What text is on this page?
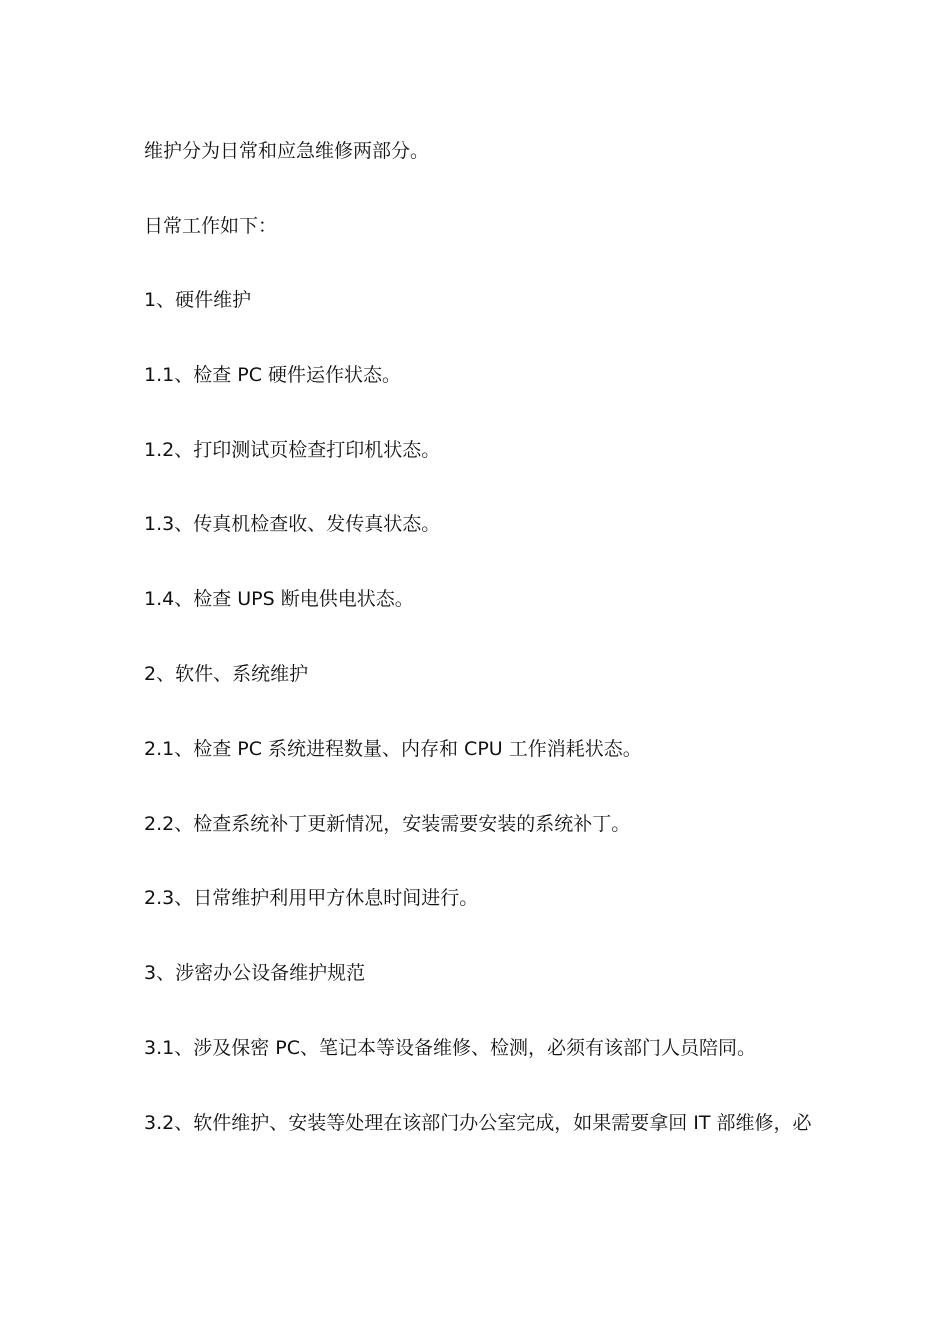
维护分为日常和应急维修两部分。

日常工作如下：

1、硬件维护

1.1、检查 PC 硬件运作状态。

1.2、打印测试页检查打印机状态。

1.3、传真机检查收、发传真状态。

1.4、检查 UPS 断电供电状态。

2、软件、系统维护

2.1、检查 PC 系统进程数量、内存和 CPU 工作消耗状态。

2.2、检查系统补丁更新情况，安装需要安装的系统补丁。

2.3、日常维护利用甲方休息时间进行。

3、涉密办公设备维护规范

3.1、涉及保密 PC、笔记本等设备维修、检测，必须有该部门人员陪同。

3.2、软件维护、安装等处理在该部门办公室完成，如果需要拿回 IT 部维修，必
